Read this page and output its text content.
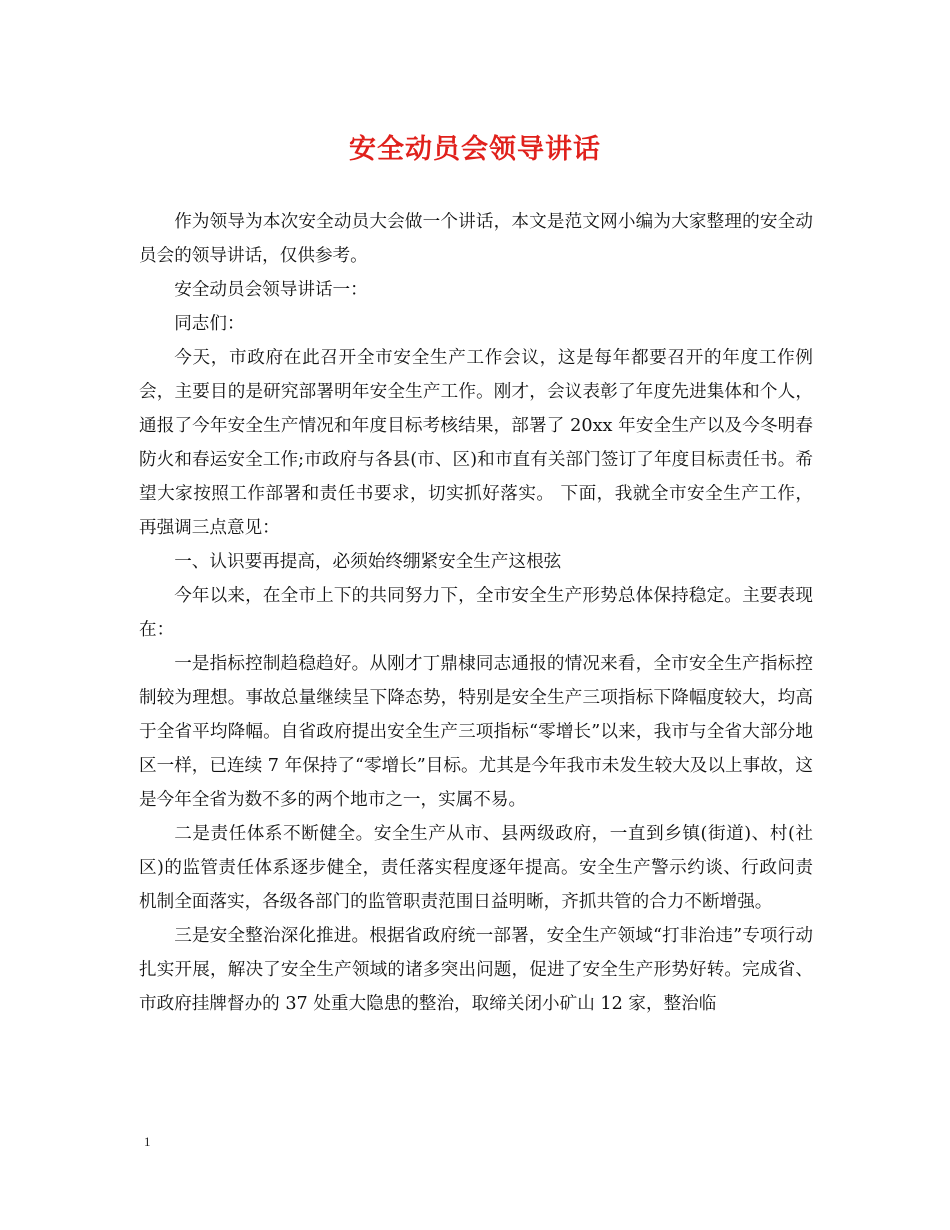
安全动员会领导讲话

作为领导为本次安全动员大会做一个讲话，本文是范文网小编为大家整理的安全动员会的领导讲话，仅供参考。

安全动员会领导讲话一：

同志们：

今天，市政府在此召开全市安全生产工作会议，这是每年都要召开的年度工作例会，主要目的是研究部署明年安全生产工作。刚才，会议表彰了年度先进集体和个人，通报了今年安全生产情况和年度目标考核结果，部署了 20xx 年安全生产以及今冬明春防火和春运安全工作;市政府与各县(市、区)和市直有关部门签订了年度目标责任书。希望大家按照工作部署和责任书要求，切实抓好落实。 下面，我就全市安全生产工作，再强调三点意见：

一、认识要再提高，必须始终绷紧安全生产这根弦

今年以来，在全市上下的共同努力下，全市安全生产形势总体保持稳定。主要表现在：

一是指标控制趋稳趋好。从刚才丁鼎棣同志通报的情况来看，全市安全生产指标控制较为理想。事故总量继续呈下降态势，特别是安全生产三项指标下降幅度较大，均高于全省平均降幅。自省政府提出安全生产三项指标“零增长”以来，我市与全省大部分地区一样，已连续 7 年保持了“零增长”目标。尤其是今年我市未发生较大及以上事故，这是今年全省为数不多的两个地市之一，实属不易。

二是责任体系不断健全。安全生产从市、县两级政府，一直到乡镇(街道)、村(社区)的监管责任体系逐步健全，责任落实程度逐年提高。安全生产警示约谈、行政问责机制全面落实，各级各部门的监管职责范围日益明晰，齐抓共管的合力不断增强。

三是安全整治深化推进。根据省政府统一部署，安全生产领域“打非治违”专项行动扎实开展，解决了安全生产领域的诸多突出问题，促进了安全生产形势好转。完成省、市政府挂牌督办的 37 处重大隐患的整治，取缔关闭小矿山 12 家，整治临

1
